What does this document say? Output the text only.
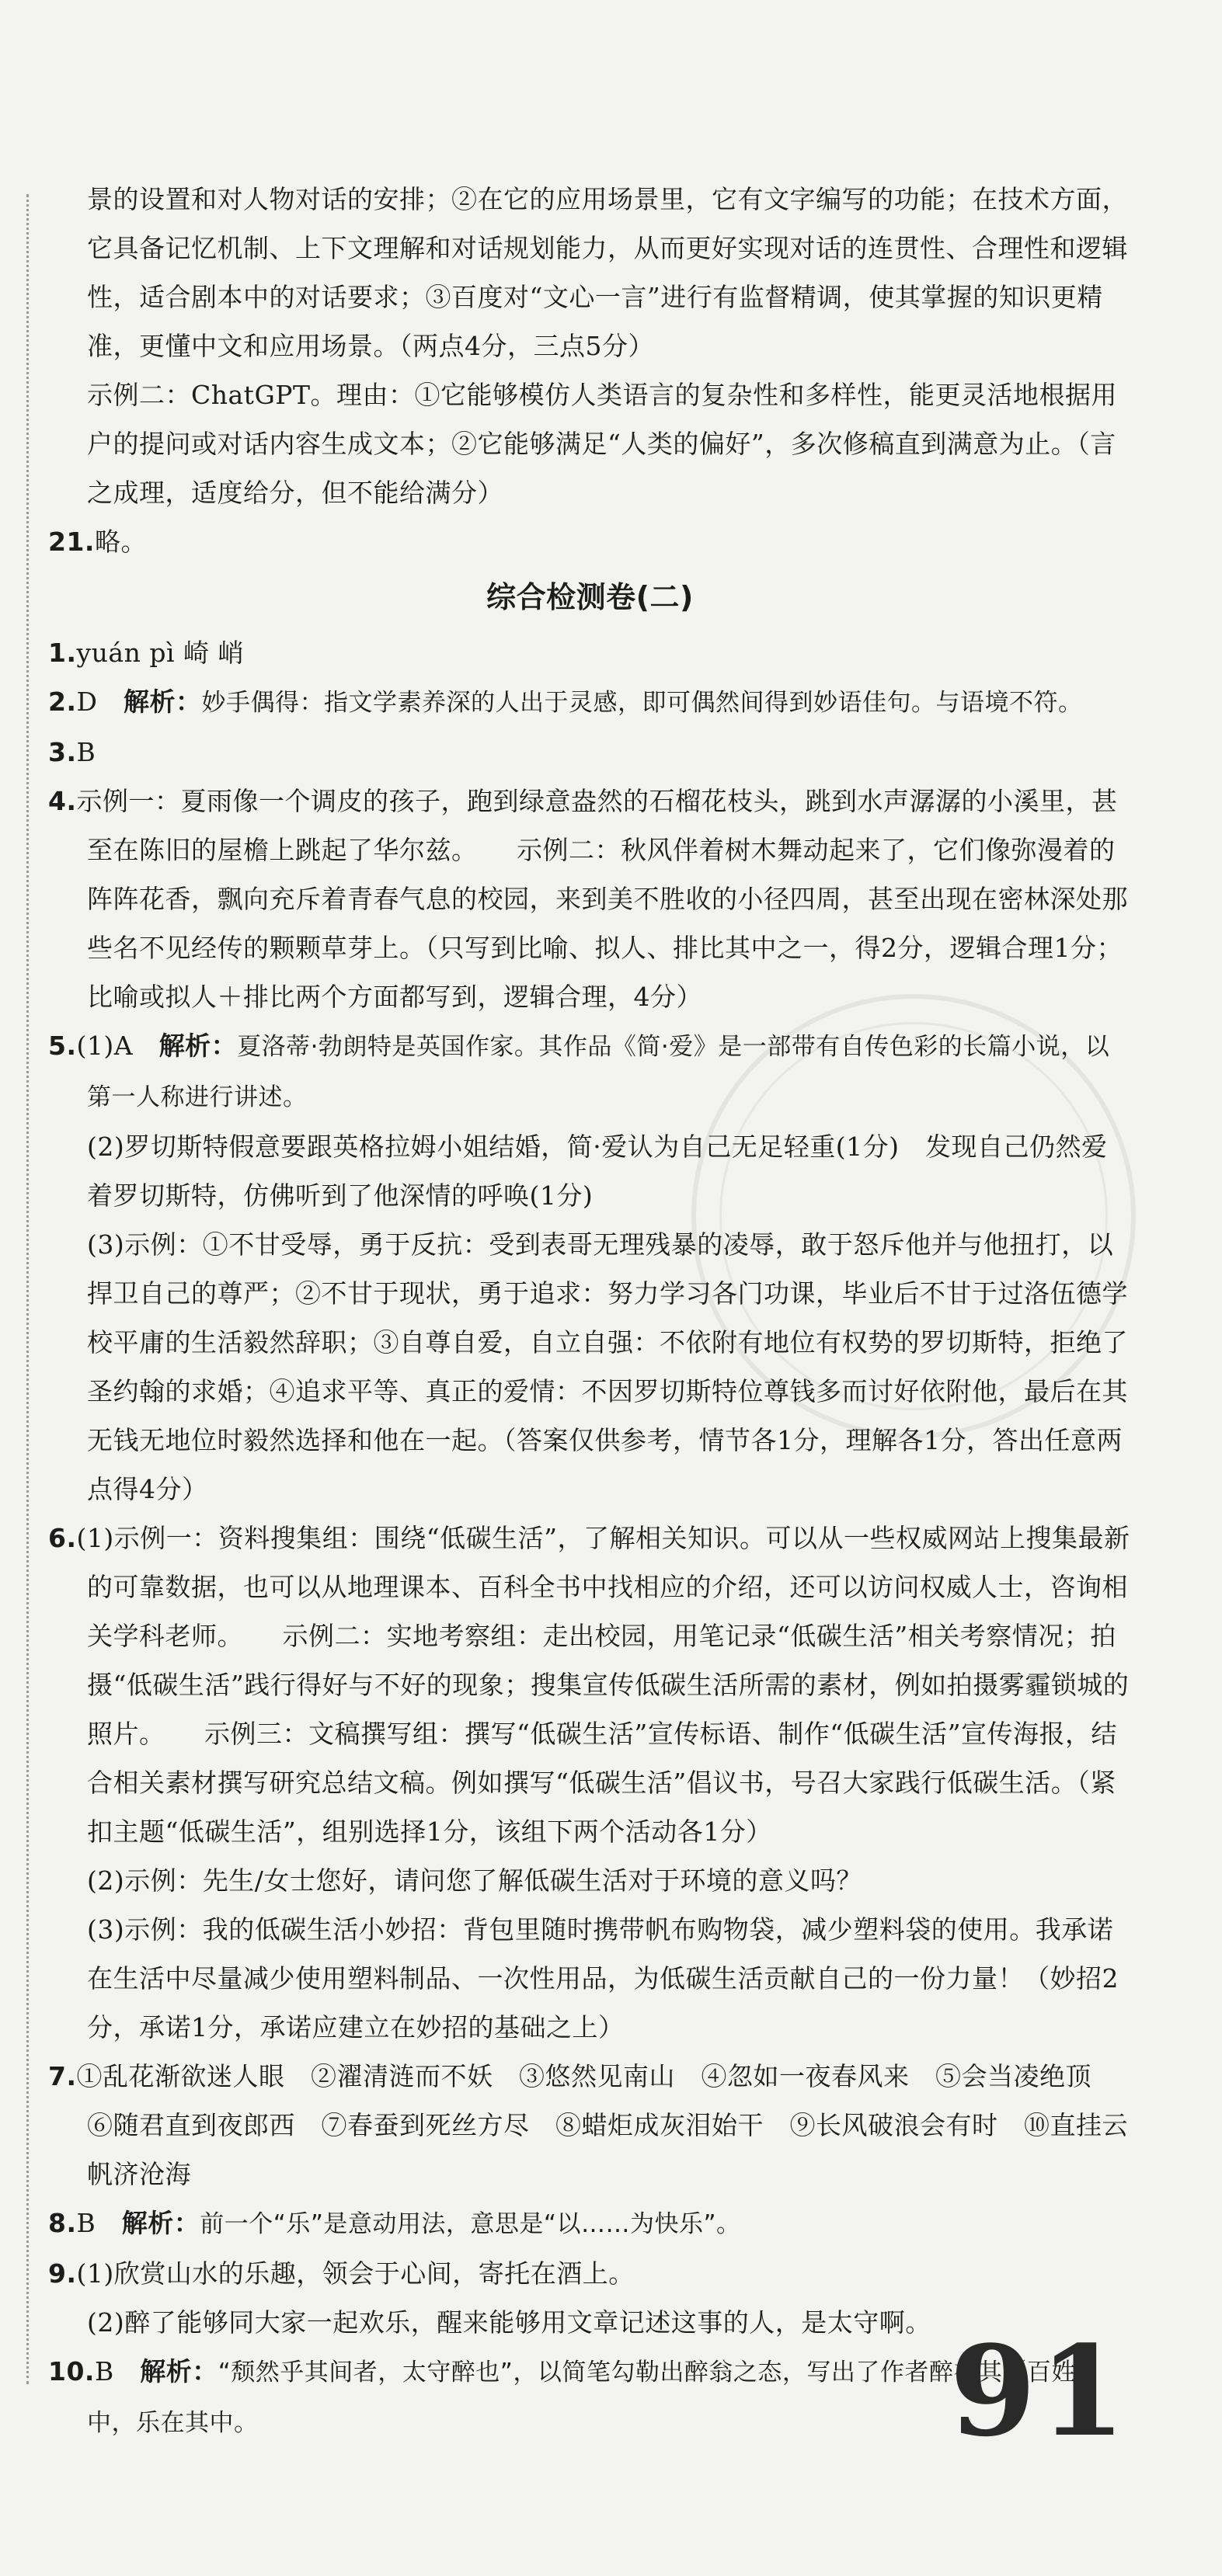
景的设置和对人物对话的安排；②在它的应用场景里，它有文字编写的功能；在技术方面，它具备记忆机制、上下文理解和对话规划能力，从而更好实现对话的连贯性、合理性和逻辑性，适合剧本中的对话要求；③百度对“文心一言”进行有监督精调，使其掌握的知识更精准，更懂中文和应用场景。（两点4分，三点5分）

示例二：ChatGPT。理由：①它能够模仿人类语言的复杂性和多样性，能更灵活地根据用户的提问或对话内容生成文本；②它能够满足“人类的偏好”，多次修稿直到满意为止。（言之成理，适度给分，但不能给满分）

21.略。

综合检测卷(二)

1.yuán pì 崎 峭

2.D　 解析：妙手偶得：指文学素养深的人出于灵感，即可偶然间得到妙语佳句。与语境不符。

3.B

4.示例一：夏雨像一个调皮的孩子，跑到绿意盎然的石榴花枝头，跳到水声潺潺的小溪里，甚至在陈旧的屋檐上跳起了华尔兹。　　示例二：秋风伴着树木舞动起来了，它们像弥漫着的阵阵花香，飘向充斥着青春气息的校园，来到美不胜收的小径四周，甚至出现在密林深处那些名不见经传的颗颗草芽上。（只写到比喻、拟人、排比其中之一，得2分，逻辑合理1分；比喻或拟人＋排比两个方面都写到，逻辑合理，4分）

5.(1)A　 解析：夏洛蒂·勃朗特是英国作家。其作品《简·爱》是一部带有自传色彩的长篇小说，以第一人称进行讲述。

(2)罗切斯特假意要跟英格拉姆小姐结婚，简·爱认为自己无足轻重(1分)　发现自己仍然爱着罗切斯特，仿佛听到了他深情的呼唤(1分)

(3)示例：①不甘受辱，勇于反抗：受到表哥无理残暴的凌辱，敢于怒斥他并与他扭打，以捍卫自己的尊严；②不甘于现状，勇于追求：努力学习各门功课，毕业后不甘于过洛伍德学校平庸的生活毅然辞职；③自尊自爱，自立自强：不依附有地位有权势的罗切斯特，拒绝了圣约翰的求婚；④追求平等、真正的爱情：不因罗切斯特位尊钱多而讨好依附他，最后在其无钱无地位时毅然选择和他在一起。（答案仅供参考，情节各1分，理解各1分，答出任意两点得4分）

6.(1)示例一：资料搜集组：围绕“低碳生活”，了解相关知识。可以从一些权威网站上搜集最新的可靠数据，也可以从地理课本、百科全书中找相应的介绍，还可以访问权威人士，咨询相关学科老师。　　示例二：实地考察组：走出校园，用笔记录“低碳生活”相关考察情况；拍摄“低碳生活”践行得好与不好的现象；搜集宣传低碳生活所需的素材，例如拍摄雾霾锁城的照片。　　示例三：文稿撰写组：撰写“低碳生活”宣传标语、制作“低碳生活”宣传海报，结合相关素材撰写研究总结文稿。例如撰写“低碳生活”倡议书，号召大家践行低碳生活。（紧扣主题“低碳生活”，组别选择1分，该组下两个活动各1分）

(2)示例：先生/女士您好，请问您了解低碳生活对于环境的意义吗？

(3)示例：我的低碳生活小妙招：背包里随时携带帆布购物袋，减少塑料袋的使用。我承诺在生活中尽量减少使用塑料制品、一次性用品，为低碳生活贡献自己的一份力量！（妙招2分，承诺1分，承诺应建立在妙招的基础之上）

7.①乱花渐欲迷人眼　②濯清涟而不妖　③悠然见南山　④忽如一夜春风来　⑤会当凌绝顶　⑥随君直到夜郎西　⑦春蚕到死丝方尽　⑧蜡炬成灰泪始干　⑨长风破浪会有时　⑩直挂云帆济沧海

8.B　 解析：前一个“乐”是意动用法，意思是“以……为快乐”。

9.(1)欣赏山水的乐趣，领会于心间，寄托在酒上。

(2)醉了能够同大家一起欢乐，醒来能够用文章记述这事的人，是太守啊。

10.B　 解析：“颓然乎其间者，太守醉也”，以简笔勾勒出醉翁之态，写出了作者醉在其（百姓）中，乐在其中。	91
